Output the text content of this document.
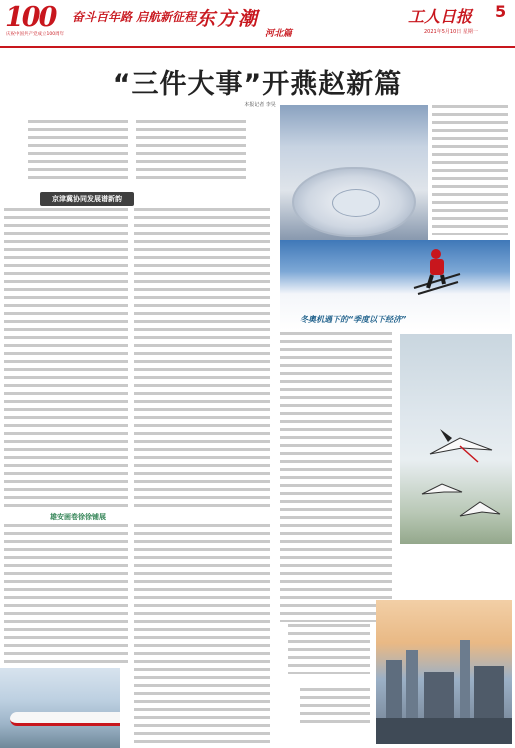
100	奋斗百年路 启航新征程
庆祝中国共产党成立100周年
东方潮
河北篇
工人日报 5
2021年5月10日 星期一
“三件大事”开燕赵新篇
本报记者 李昊
京津冀协同发展谱新韵
雄安画卷徐徐铺展
冬奥机遇下的“季度以下经济”
